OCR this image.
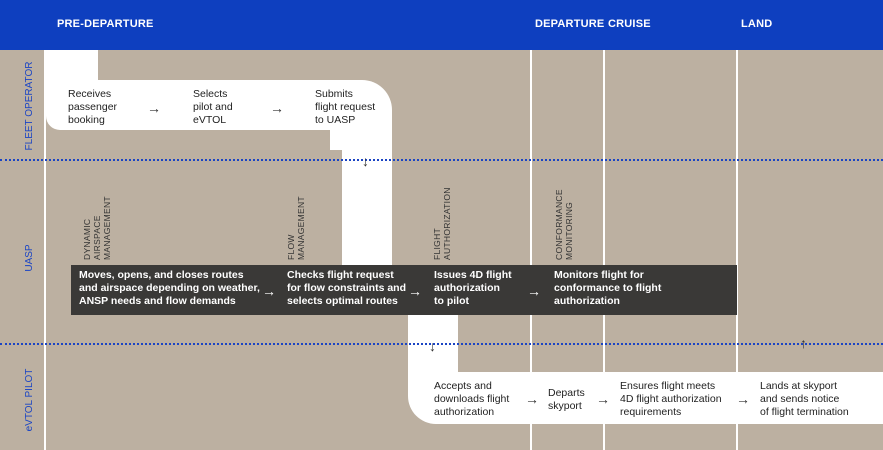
PRE-DEPARTURE	DEPARTURE CRUISE	LAND
FLEET OPERATOR
UASP
eVTOL PILOT
Receives
passenger
booking
→
Selects
pilot and
eVTOL
→
Submits
flight request
to UASP
↓
DYNAMIC
AIRSPACE
MANAGEMENT	FLOW
MANAGEMENT	FLIGHT
AUTHORIZATION	CONFORMANCE
MONITORING
Moves, opens, and closes routes
and airspace depending on weather,
ANSP needs and flow demands
→
Checks flight request
for flow constraints and
selects optimal routes
→
Issues 4D flight
authorization
to pilot
→
Monitors flight for
conformance to flight
authorization
↓	↑
Accepts and
downloads flight
authorization
→ Departs
skyport →
Ensures flight meets
4D flight authorization
requirements
→
Lands at skyport
and sends notice
of flight termination
